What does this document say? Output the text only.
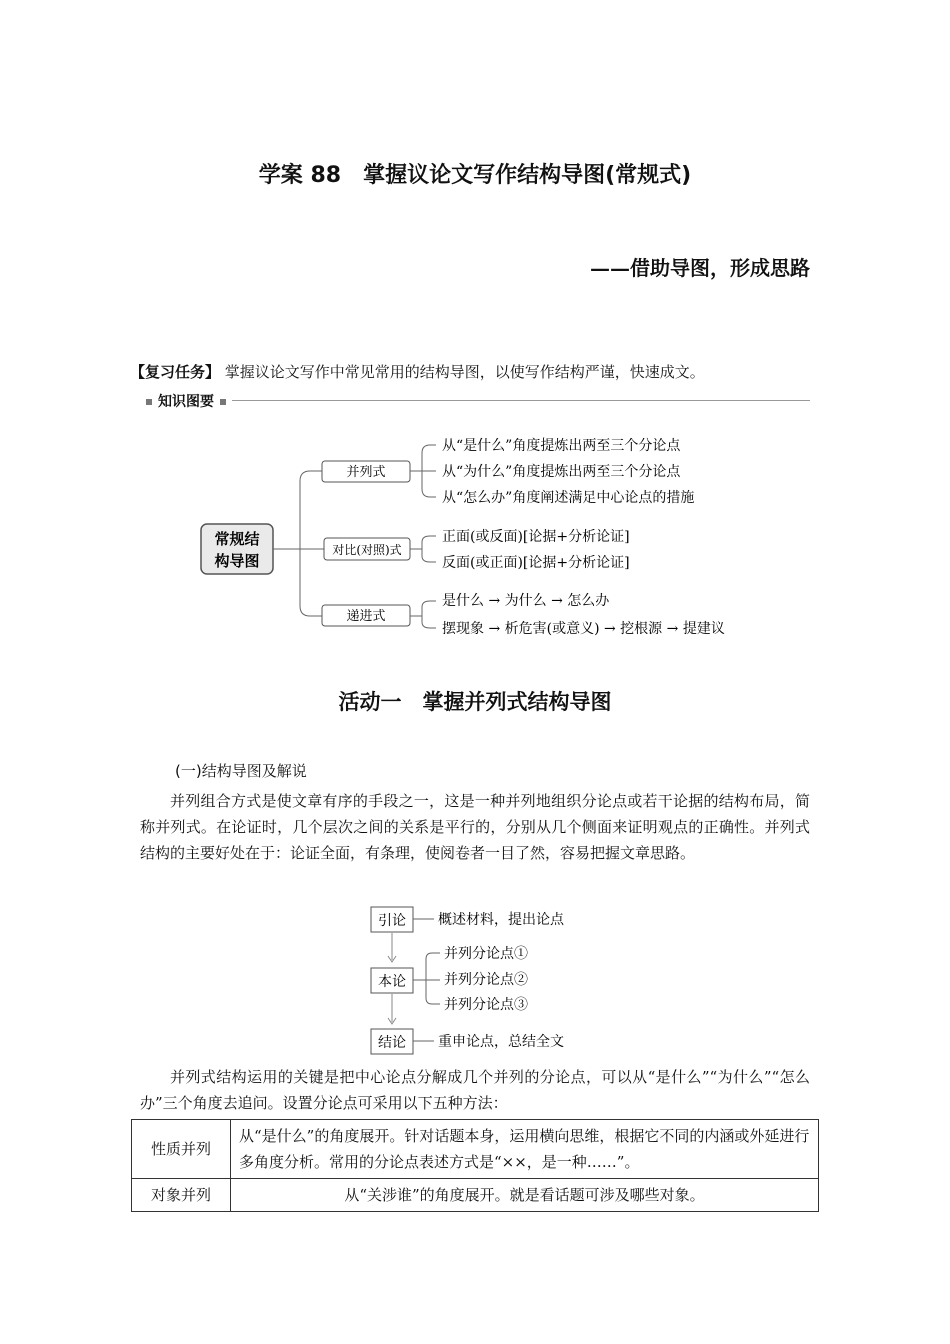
学案 88　掌握议论文写作结构导图(常规式)
——借助导图，形成思路
【复习任务】 掌握议论文写作中常见常用的结构导图，以使写作结构严谨，快速成文。
知识图要
常规结
构导图
并列式
从“是什么”角度提炼出两至三个分论点
从“为什么”角度提炼出两至三个分论点
从“怎么办”角度阐述满足中心论点的措施
对比(对照)式
正面(或反面)[论据+分析论证]
反面(或正面)[论据+分析论证]
递进式
是什么 → 为什么 → 怎么办
摆现象 → 析危害(或意义) → 挖根源 → 提建议
活动一　掌握并列式结构导图
(一)结构导图及解说
并列组合方式是使文章有序的手段之一，这是一种并列地组织分论点或若干论据的结构布局，简称并列式。在论证时，几个层次之间的关系是平行的，分别从几个侧面来证明观点的正确性。并列式结构的主要好处在于：论证全面，有条理，使阅卷者一目了然，容易把握文章思路。
引论 概述材料，提出论点
本论
并列分论点①
并列分论点②
并列分论点③
结论 重申论点，总结全文
并列式结构运用的关键是把中心论点分解成几个并列的分论点，可以从“是什么”“为什么”“怎么办”三个角度去追问。设置分论点可采用以下五种方法：
性质并列	从“是什么”的角度展开。针对话题本身，运用横向思维，根据它不同的内涵或外延进行多角度分析。常用的分论点表述方式是“××，是一种……”。
对象并列	从“关涉谁”的角度展开。就是看话题可涉及哪些对象。
